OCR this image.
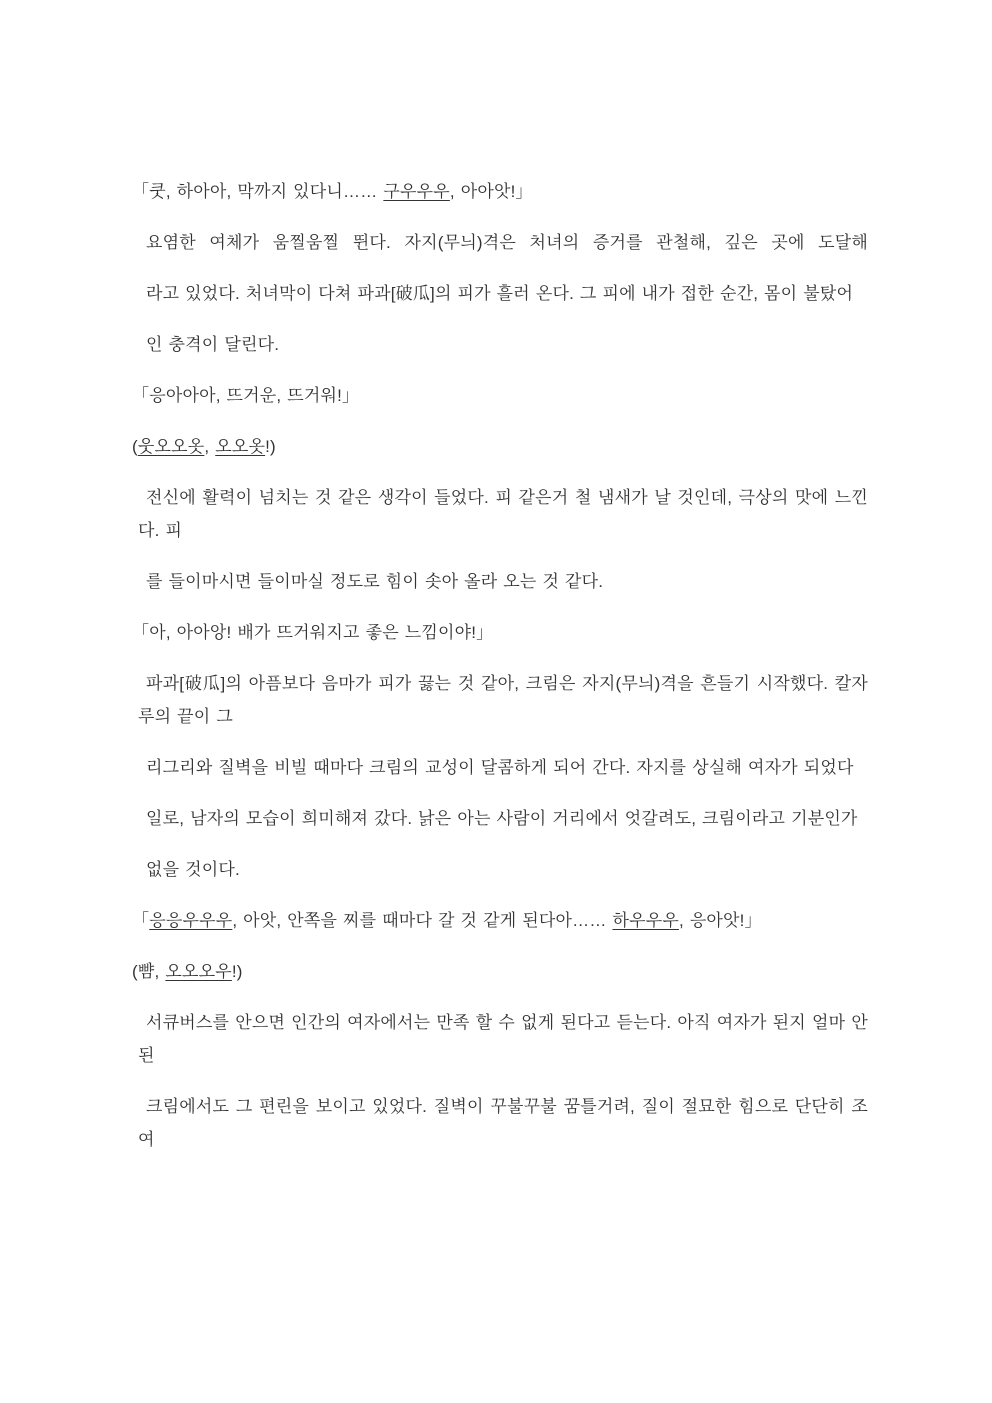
「쿳, 하아아, 막까지 있다니…… 구우우우, 아아앗!」

요염한 여체가 움찔움찔 뛴다. 자지(무늬)격은 처녀의 증거를 관철해, 깊은 곳에 도달해

라고 있었다. 처녀막이 다쳐 파과[破瓜]의 피가 흘러 온다. 그 피에 내가 접한 순간, 몸이 불탔어

인 충격이 달린다.

「응아아아, 뜨거운, 뜨거워!」

(웃오오옷, 오오옷!)

전신에 활력이 넘치는 것 같은 생각이 들었다. 피 같은거 철 냄새가 날 것인데, 극상의 맛에 느낀다. 피

를 들이마시면 들이마실 정도로 힘이 솟아 올라 오는 것 같다.

「아, 아아앙! 배가 뜨거워지고 좋은 느낌이야!」

파과[破瓜]의 아픔보다 음마가 피가 끓는 것 같아, 크림은 자지(무늬)격을 흔들기 시작했다. 칼자루의 끝이 그

리그리와 질벽을 비빌 때마다 크림의 교성이 달콤하게 되어 간다. 자지를 상실해 여자가 되었다

일로, 남자의 모습이 희미해져 갔다. 낡은 아는 사람이 거리에서 엇갈려도, 크림이라고 기분인가

없을 것이다.

「응응우우우, 아앗, 안쪽을 찌를 때마다 갈 것 같게 된다아…… 하우우우, 응아앗!」

(뺨, 오오오우!)

서큐버스를 안으면 인간의 여자에서는 만족 할 수 없게 된다고 듣는다. 아직 여자가 된지 얼마 안된

크림에서도 그 편린을 보이고 있었다. 질벽이 꾸불꾸불 꿈틀거려, 질이 절묘한 힘으로 단단히 조여
